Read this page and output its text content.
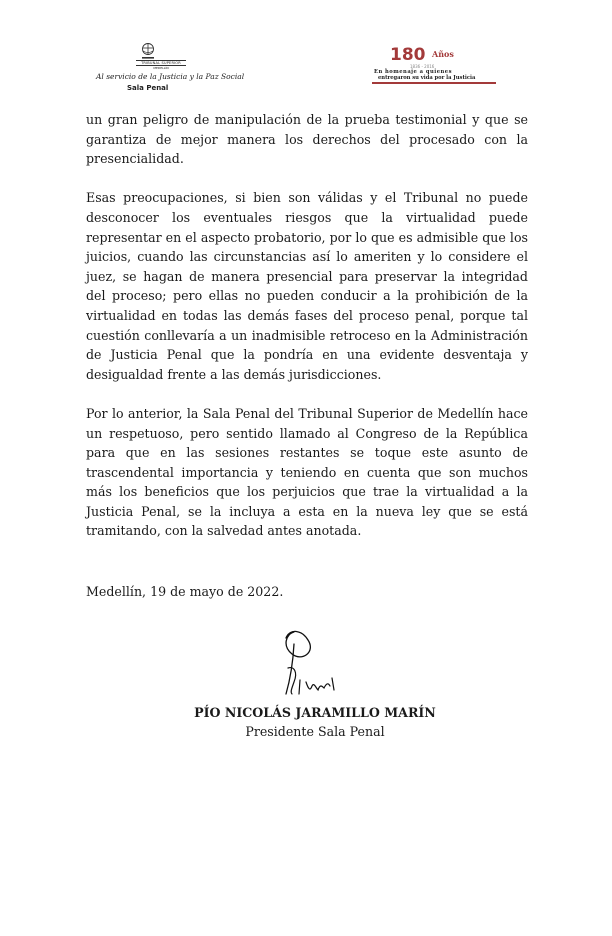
TRIBUNAL SUPERIOR
MEDELLÍN
Al servicio de la Justicia y la Paz Social
Sala Penal
180 Años
1836 - 2016
En homenaje a quienes
entregaron su vida por la Justicia

un gran peligro de manipulación de la prueba testimonial y que se garantiza de mejor manera los derechos del procesado con la presencialidad.

Esas preocupaciones, si bien son válidas y el Tribunal no puede desconocer los eventuales riesgos que la virtualidad puede representar en el aspecto probatorio, por lo que es admisible que los juicios, cuando las circunstancias así lo ameriten y lo considere el juez, se hagan de manera presencial para preservar la integridad del proceso; pero ellas no pueden conducir a la prohibición de la virtualidad en todas las demás fases del proceso penal, porque tal cuestión conllevaría a un inadmisible retroceso en la Administración de Justicia Penal que la pondría en una evidente desventaja y desigualdad frente a las demás jurisdicciones.

Por lo anterior, la Sala Penal del Tribunal Superior de Medellín hace un respetuoso, pero sentido llamado al Congreso de la República para que en las sesiones restantes se toque este asunto de trascendental importancia y teniendo en cuenta que son muchos más los beneficios que los perjuicios que trae la virtualidad a la Justicia Penal, se la incluya a esta en la nueva ley que se está tramitando, con la salvedad antes anotada.

Medellín, 19 de mayo de 2022.
PÍO NICOLÁS JARAMILLO MARÍN
Presidente Sala Penal
